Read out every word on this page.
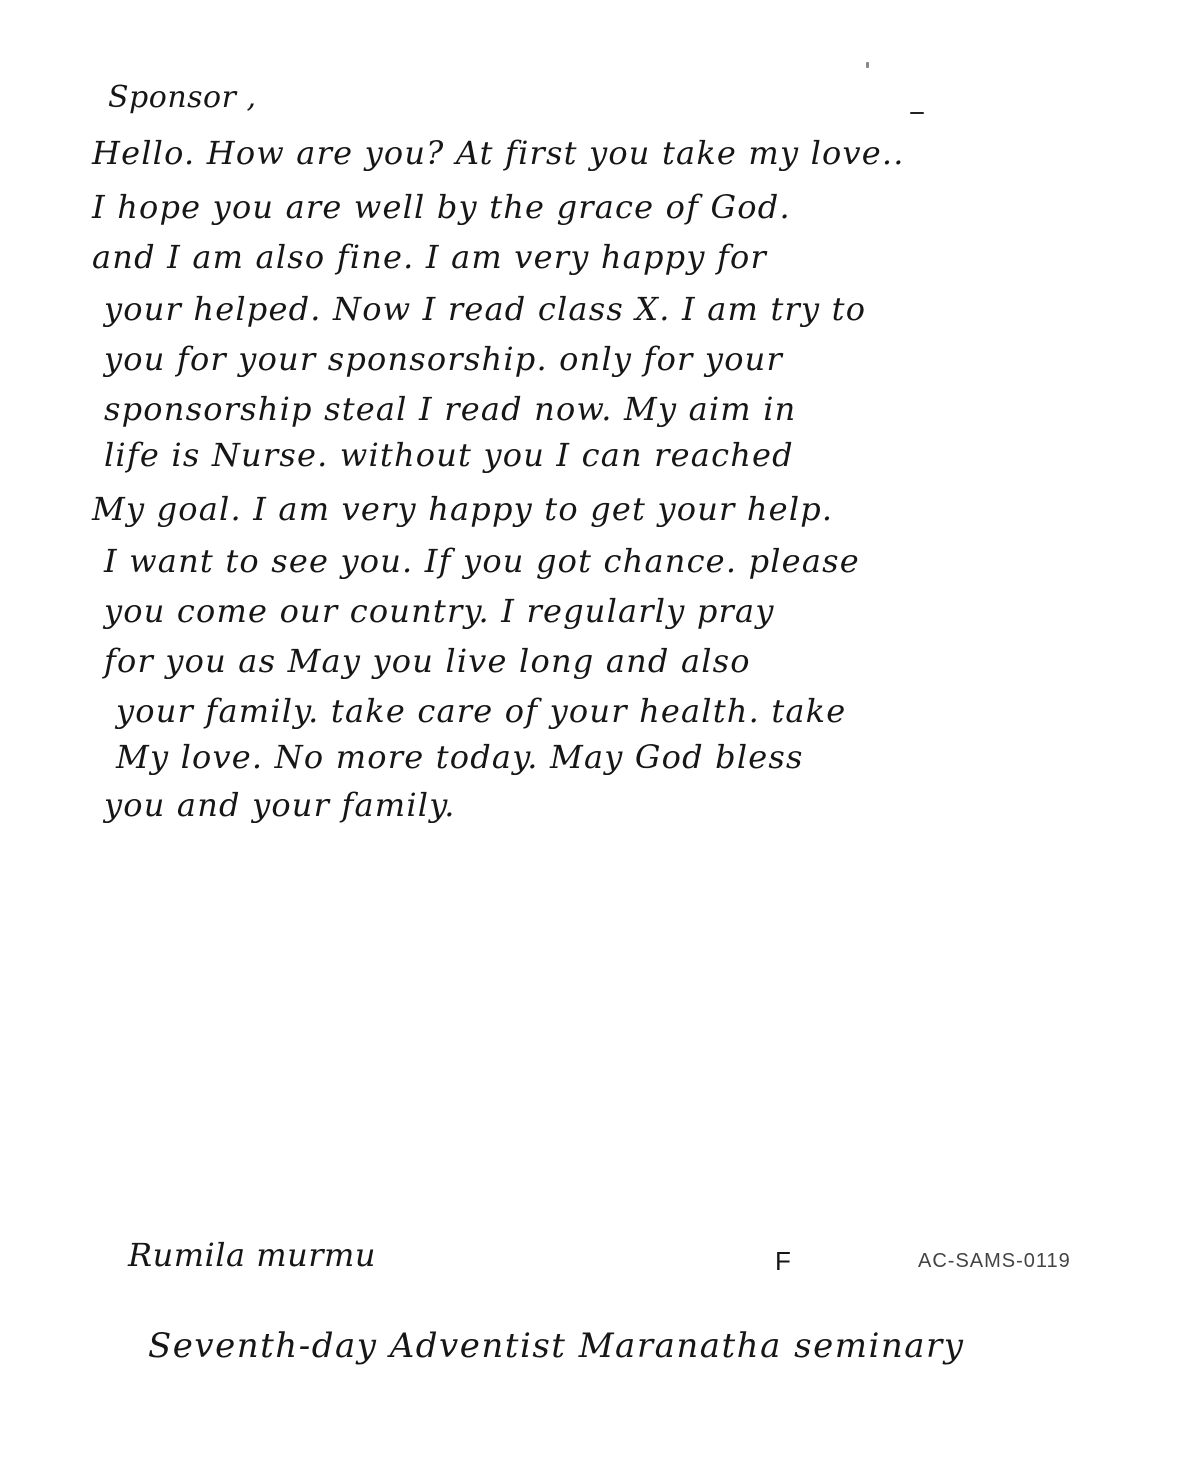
Sponsor ,
Hello. How are you? At first you take my love..
I hope you are well by the grace of God.
and I am also fine. I am very happy for
your helped. Now I read class X. I am try to
you for your sponsorship. only for your
sponsorship steal I read now. My aim in
life is Nurse. without you I can reached
My goal. I am very happy to get your help.
I want to see you. If you got chance. please
you come our country. I regularly pray
for you as May you live long and also
your family. take care of your health. take
My love. No more today. May God bless
you and your family.
Rumila murmu	F	AC-SAMS-0119
Seventh-day Adventist Maranatha seminary
